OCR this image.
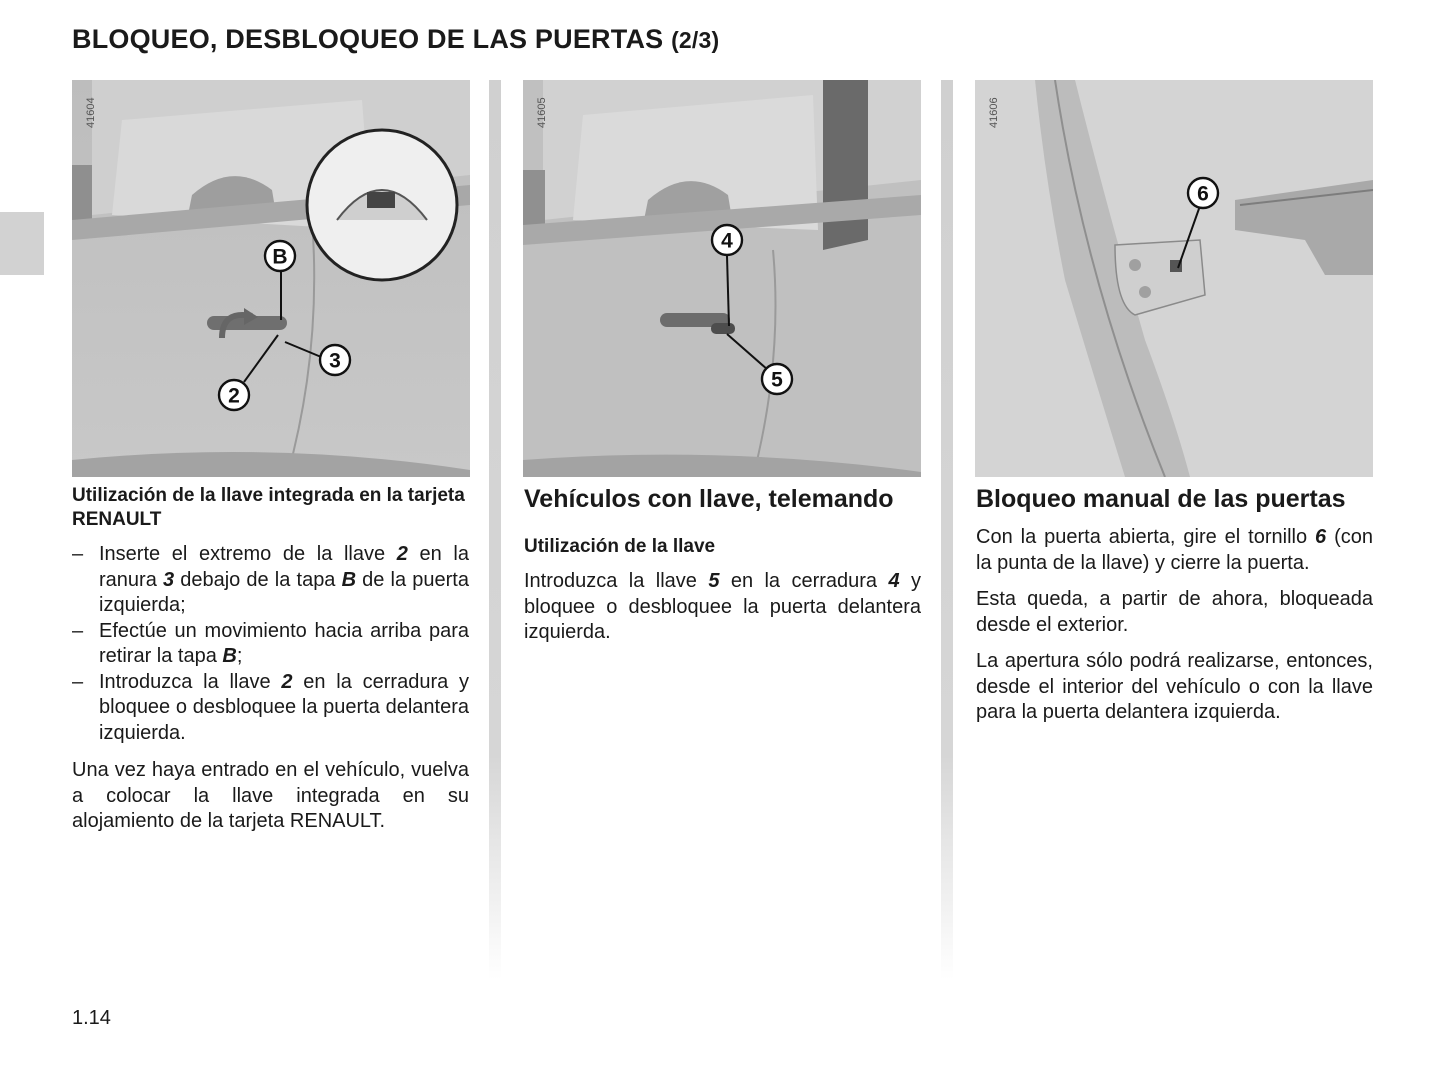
BLOQUEO, DESBLOQUEO DE LAS PUERTAS (2/3)
41604
B
3
2
41605
4
5
41606
6
Utilización de la llave integrada en la tarjeta RENAULT
– Inserte el extremo de la llave 2 en la ranura 3 debajo de la tapa B de la puerta izquierda;
– Efectúe un movimiento hacia arriba para retirar la tapa B;
– Introduzca la llave 2 en la cerradura y bloquee o desbloquee la puerta delantera izquierda.

Una vez haya entrado en el vehículo, vuelva a colocar la llave integrada en su alojamiento de la tarjeta RENAULT.

Vehículos con llave, telemando
Utilización de la llave

Introduzca la llave 5 en la cerradura 4 y bloquee o desbloquee la puerta delantera izquierda.

Bloqueo manual de las puertas

Con la puerta abierta, gire el tornillo 6 (con la punta de la llave) y cierre la puerta.

Esta queda, a partir de ahora, bloqueada desde el exterior.

La apertura sólo podrá realizarse, entonces, desde el interior del vehículo o con la llave para la puerta delantera izquierda.

1.14
